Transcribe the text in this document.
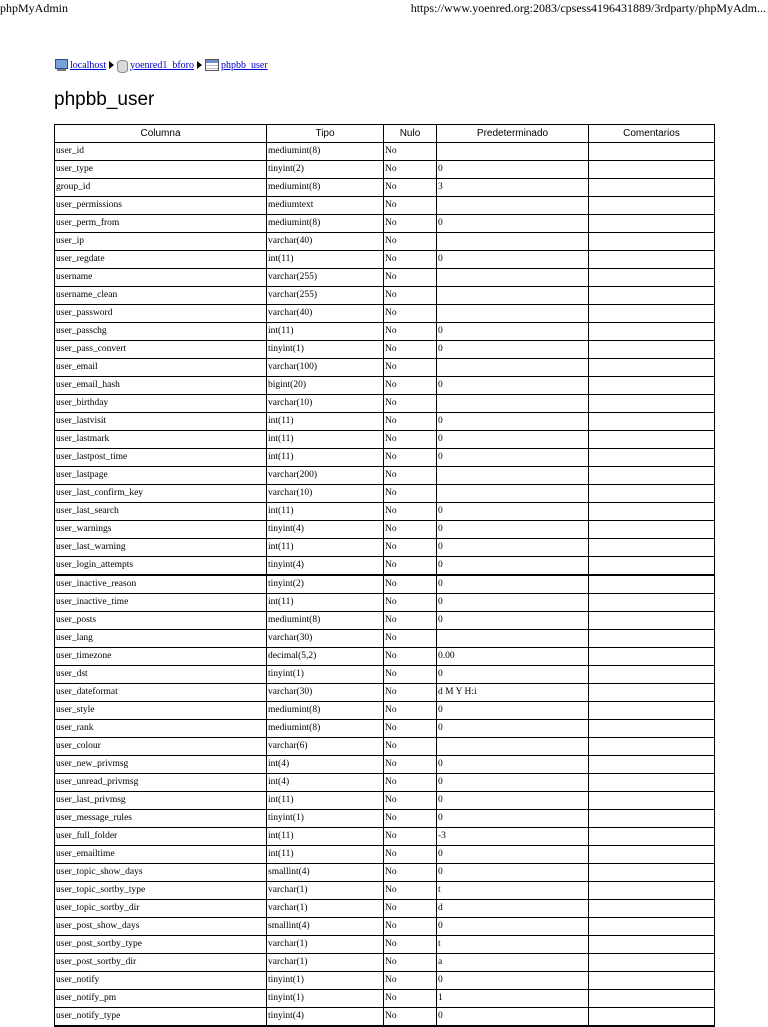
phpMyAdmin	https://www.yoenred.org:2083/cpsess4196431889/3rdparty/phpMyAdm...
localhost yoenred1_bforo	phpbb_user
phpbb_user
Columna	Tipo	Nulo	Predeterminado	Comentarios
user_id	mediumint(8)	No		
user_type	tinyint(2)	No	0	
group_id	mediumint(8)	No	3	
user_permissions	mediumtext	No		
user_perm_from	mediumint(8)	No	0	
user_ip	varchar(40)	No		
user_regdate	int(11)	No	0	
username	varchar(255)	No		
username_clean	varchar(255)	No		
user_password	varchar(40)	No		
user_passchg	int(11)	No	0	
user_pass_convert	tinyint(1)	No	0	
user_email	varchar(100)	No		
user_email_hash	bigint(20)	No	0	
user_birthday	varchar(10)	No		
user_lastvisit	int(11)	No	0	
user_lastmark	int(11)	No	0	
user_lastpost_time	int(11)	No	0	
user_lastpage	varchar(200)	No		
user_last_confirm_key	varchar(10)	No		
user_last_search	int(11)	No	0	
user_warnings	tinyint(4)	No	0	
user_last_warning	int(11)	No	0	
user_login_attempts	tinyint(4)	No	0	
user_inactive_reason	tinyint(2)	No	0	
user_inactive_time	int(11)	No	0	
user_posts	mediumint(8)	No	0	
user_lang	varchar(30)	No		
user_timezone	decimal(5,2)	No	0.00	
user_dst	tinyint(1)	No	0	
user_dateformat	varchar(30)	No	d M Y H:i	
user_style	mediumint(8)	No	0	
user_rank	mediumint(8)	No	0	
user_colour	varchar(6)	No		
user_new_privmsg	int(4)	No	0	
user_unread_privmsg	int(4)	No	0	
user_last_privmsg	int(11)	No	0	
user_message_rules	tinyint(1)	No	0	
user_full_folder	int(11)	No	-3	
user_emailtime	int(11)	No	0	
user_topic_show_days	smallint(4)	No	0	
user_topic_sortby_type	varchar(1)	No	t	
user_topic_sortby_dir	varchar(1)	No	d	
user_post_show_days	smallint(4)	No	0	
user_post_sortby_type	varchar(1)	No	t	
user_post_sortby_dir	varchar(1)	No	a	
user_notify	tinyint(1)	No	0	
user_notify_pm	tinyint(1)	No	1	
user_notify_type	tinyint(4)	No	0	
